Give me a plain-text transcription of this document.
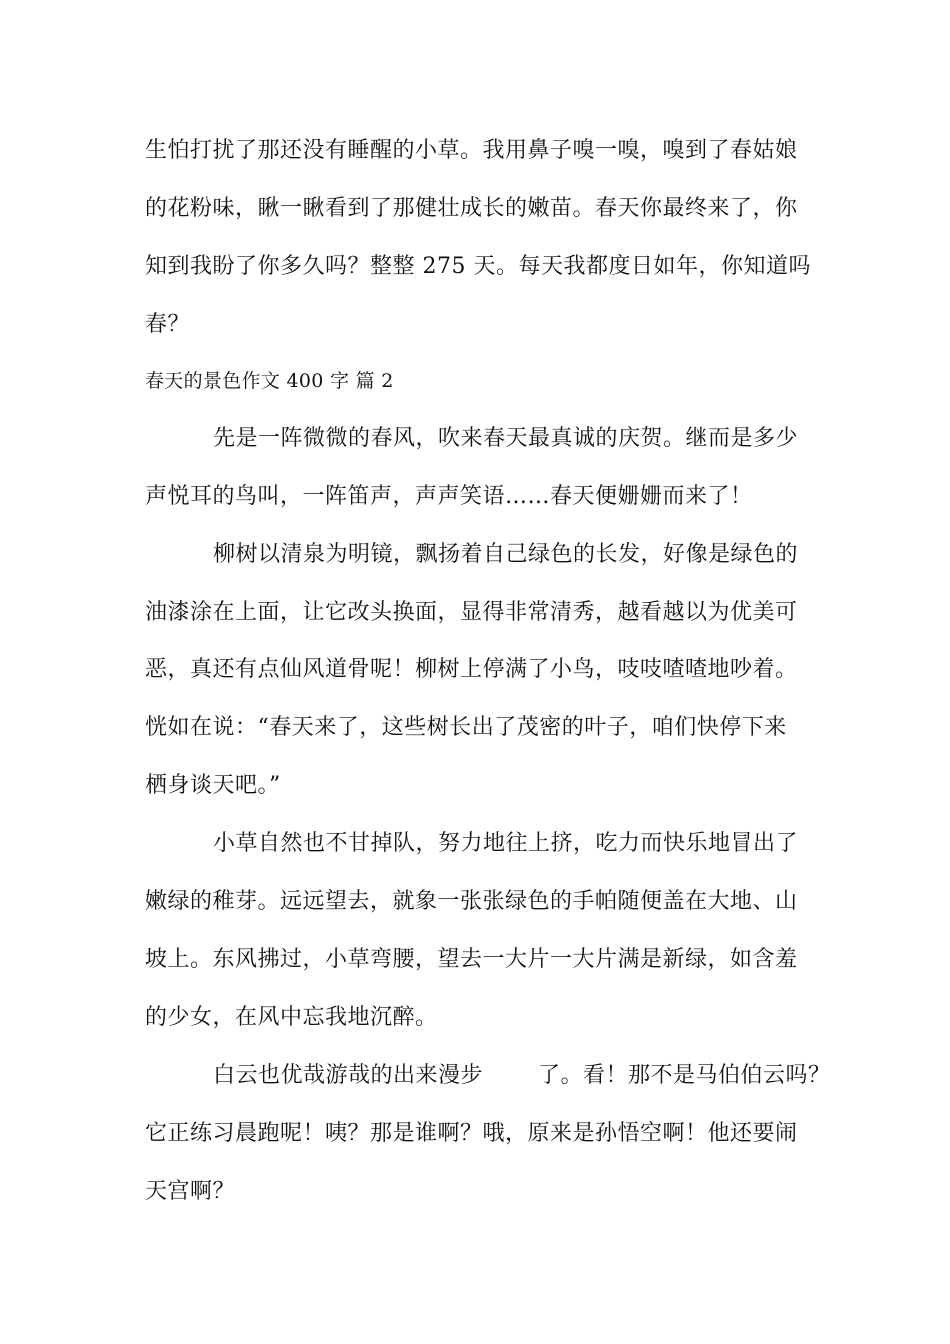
生怕打扰了那还没有睡醒的小草。我用鼻子嗅一嗅，嗅到了春姑娘
的花粉味，瞅一瞅看到了那健壮成长的嫩苗。春天你最终来了，你
知到我盼了你多久吗？整整 275 天。每天我都度日如年，你知道吗
春？
春天的景色作文 400 字 篇 2
先是一阵微微的春风，吹来春天最真诚的庆贺。继而是多少
声悦耳的鸟叫，一阵笛声，声声笑语……春天便姗姗而来了！
柳树以清泉为明镜，飘扬着自己绿色的长发，好像是绿色的
油漆涂在上面，让它改头换面，显得非常清秀，越看越以为优美可
恶，真还有点仙风道骨呢！柳树上停满了小鸟，吱吱喳喳地吵着。
恍如在说：“春天来了，这些树长出了茂密的叶子，咱们快停下来
栖身谈天吧。”
小草自然也不甘掉队，努力地往上挤，吃力而快乐地冒出了
嫩绿的稚芽。远远望去，就象一张张绿色的手帕随便盖在大地、山
坡上。东风拂过，小草弯腰，望去一大片一大片满是新绿，如含羞
的少女，在风中忘我地沉醉。
白云也优哉游哉的出来漫步 了。看！那不是马伯伯云吗？
它正练习晨跑呢！咦？那是谁啊？哦，原来是孙悟空啊！他还要闹
天宫啊？
